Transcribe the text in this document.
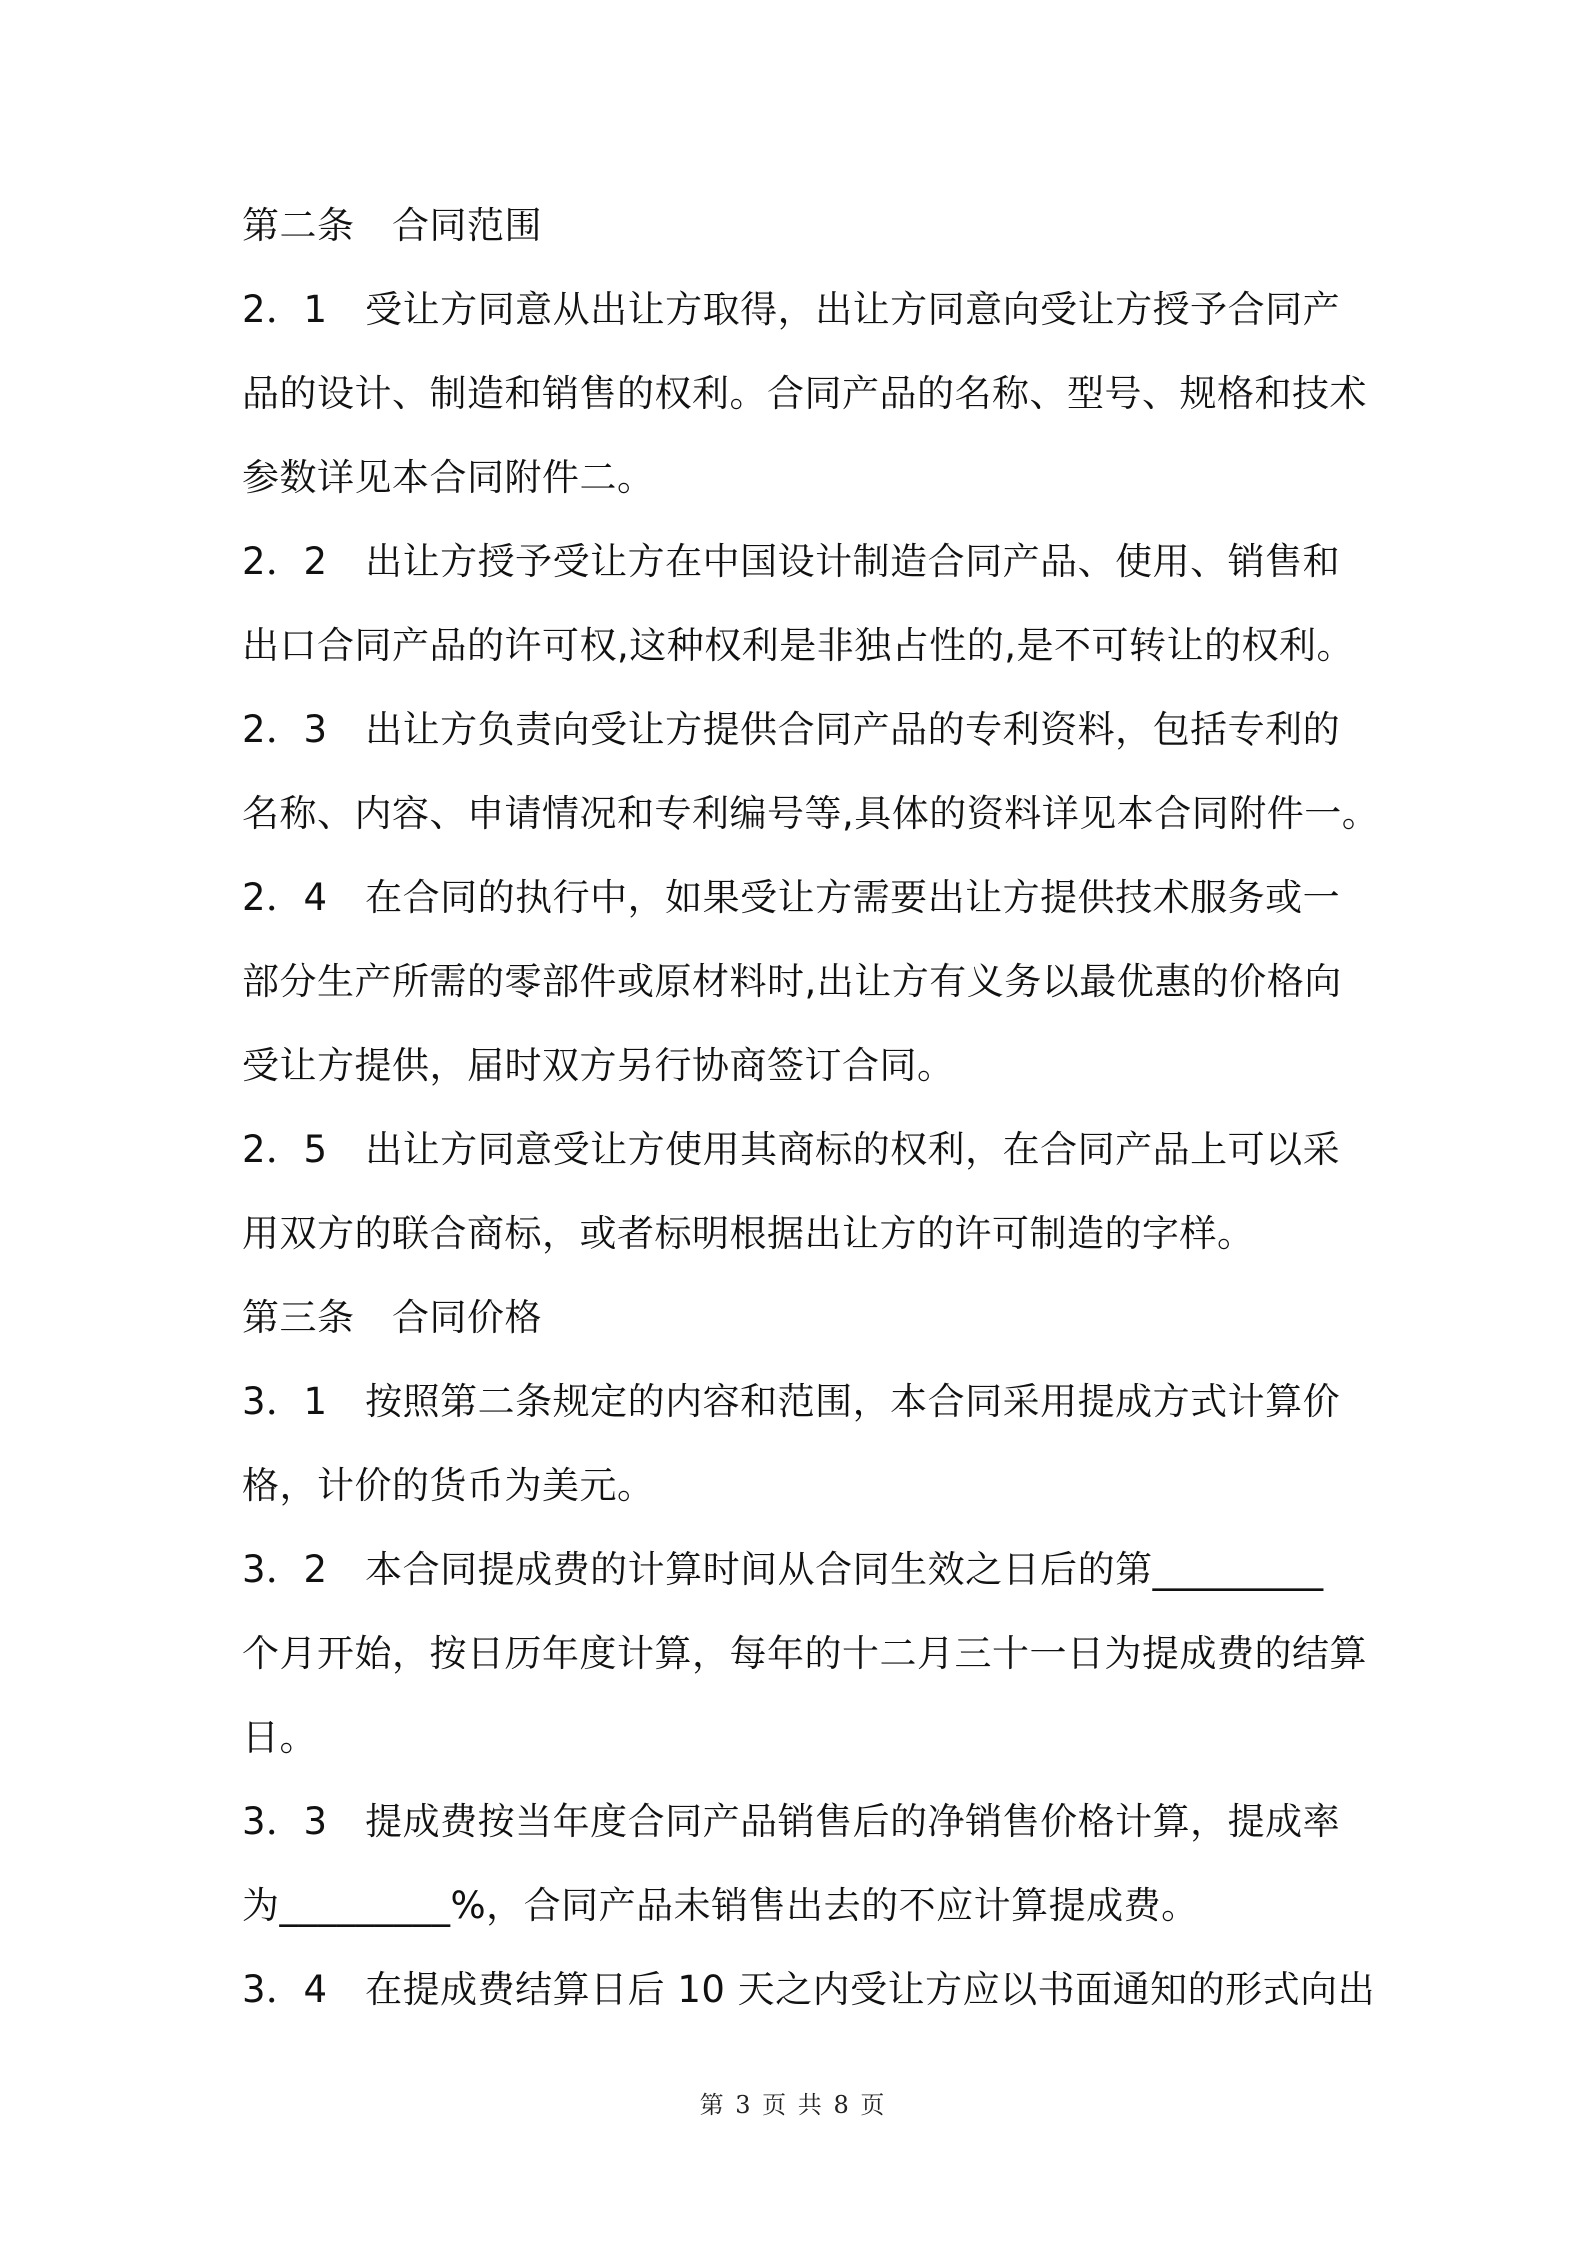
第二条　合同范围
2．1　受让方同意从出让方取得，出让方同意向受让方授予合同产
品的设计、制造和销售的权利。合同产品的名称、型号、规格和技术
参数详见本合同附件二。
2．2　出让方授予受让方在中国设计制造合同产品、使用、销售和
出口合同产品的许可权,这种权利是非独占性的,是不可转让的权利。
2．3　出让方负责向受让方提供合同产品的专利资料，包括专利的
名称、内容、申请情况和专利编号等,具体的资料详见本合同附件一。
2．4　在合同的执行中，如果受让方需要出让方提供技术服务或一
部分生产所需的零部件或原材料时,出让方有义务以最优惠的价格向
受让方提供，届时双方另行协商签订合同。
2．5　出让方同意受让方使用其商标的权利，在合同产品上可以采
用双方的联合商标，或者标明根据出让方的许可制造的字样。
第三条　合同价格
3．1　按照第二条规定的内容和范围，本合同采用提成方式计算价
格，计价的货币为美元。
3．2　本合同提成费的计算时间从合同生效之日后的第_________
个月开始，按日历年度计算，每年的十二月三十一日为提成费的结算
日。
3．3　提成费按当年度合同产品销售后的净销售价格计算，提成率
为_________%，合同产品未销售出去的不应计算提成费。
3．4　在提成费结算日后 10 天之内受让方应以书面通知的形式向出
第 3 页 共 8 页
